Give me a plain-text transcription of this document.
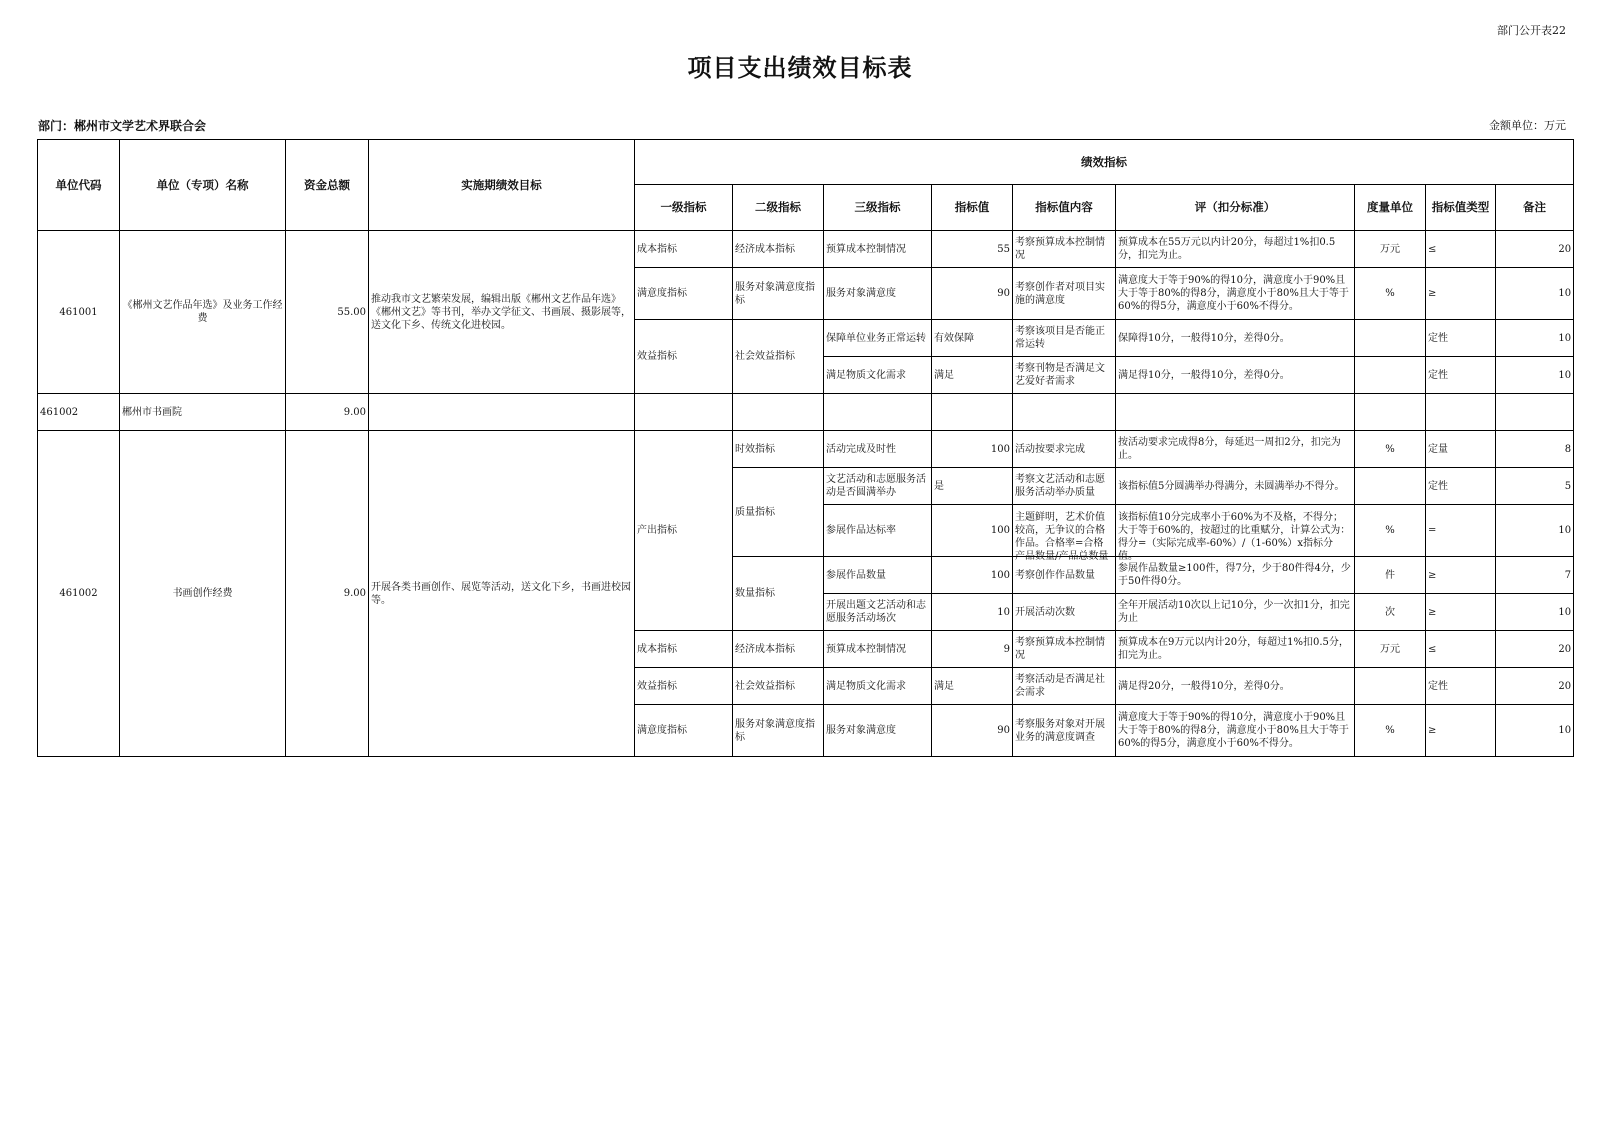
部门公开表22
项目支出绩效目标表
部门：郴州市文学艺术界联合会	金额单位：万元
单位代码	单位（专项）名称	资金总额	实施期绩效目标	绩效指标								
				一级指标	二级指标	三级指标	指标值	指标值内容	评（扣分标准）	度量单位	指标值类型	备注
461001	《郴州文艺作品年选》及业务工作经费	55.00	推动我市文艺繁荣发展，编辑出版《郴州文艺作品年选》《郴州文艺》等书刊，举办文学征文、书画展、摄影展等，送文化下乡、传统文化进校园。	成本指标	经济成本指标	预算成本控制情况	55	考察预算成本控制情况	预算成本在55万元以内计20分，每超过1%扣0.5分，扣完为止。	万元	≤	20
				满意度指标	服务对象满意度指标	服务对象满意度	90	考察创作者对项目实施的满意度	满意度大于等于90%的得10分，满意度小于90%且大于等于80%的得8分，满意度小于80%且大于等于60%的得5分，满意度小于60%不得分。	%	≥	10
				效益指标	社会效益指标	保障单位业务正常运转	有效保障	考察该项目是否能正常运转	保障得10分，一般得10分，差得0分。		定性	10
						满足物质文化需求	满足	考察刊物是否满足文艺爱好者需求	满足得10分，一般得10分，差得0分。		定性	10
461002	郴州市书画院	9.00										
461002	书画创作经费	9.00	开展各类书画创作、展览等活动，送文化下乡，书画进校园等。	产出指标	时效指标	活动完成及时性	100	活动按要求完成	按活动要求完成得8分，每延迟一周扣2分，扣完为止。	%	定量	8
					质量指标	文艺活动和志愿服务活动是否圆满举办	是	考察文艺活动和志愿服务活动举办质量	该指标值5分圆满举办得满分，未圆满举办不得分。		定性	5
						参展作品达标率	100	主题鲜明，艺术价值较高，无争议的合格作品。合格率=合格产品数量/产品总数量	该指标值10分完成率小于60%为不及格，不得分；大于等于60%的，按超过的比重赋分，计算公式为：得分=（实际完成率-60%）/（1-60%）x指标分值。	%	=	10
					数量指标	参展作品数量	100	考察创作作品数量	参展作品数量≥100件，得7分，少于80件得4分，少于50件得0分。	件	≥	7

						开展出题文艺活动和志愿服务活动场次	10	开展活动次数	全年开展活动10次以上记10分，少一次扣1分，扣完为止	次	≥	10
				成本指标	经济成本指标	预算成本控制情况	9	考察预算成本控制情况	预算成本在9万元以内计20分，每超过1%扣0.5分，扣完为止。	万元	≤	20
				效益指标	社会效益指标	满足物质文化需求	满足	考察活动是否满足社会需求	满足得20分，一般得10分，差得0分。		定性	20
				满意度指标	服务对象满意度指标	服务对象满意度	90	考察服务对象对开展业务的满意度调查	满意度大于等于90%的得10分，满意度小于90%且大于等于80%的得8分，满意度小于80%且大于等于60%的得5分，满意度小于60%不得分。	%	≥	10
